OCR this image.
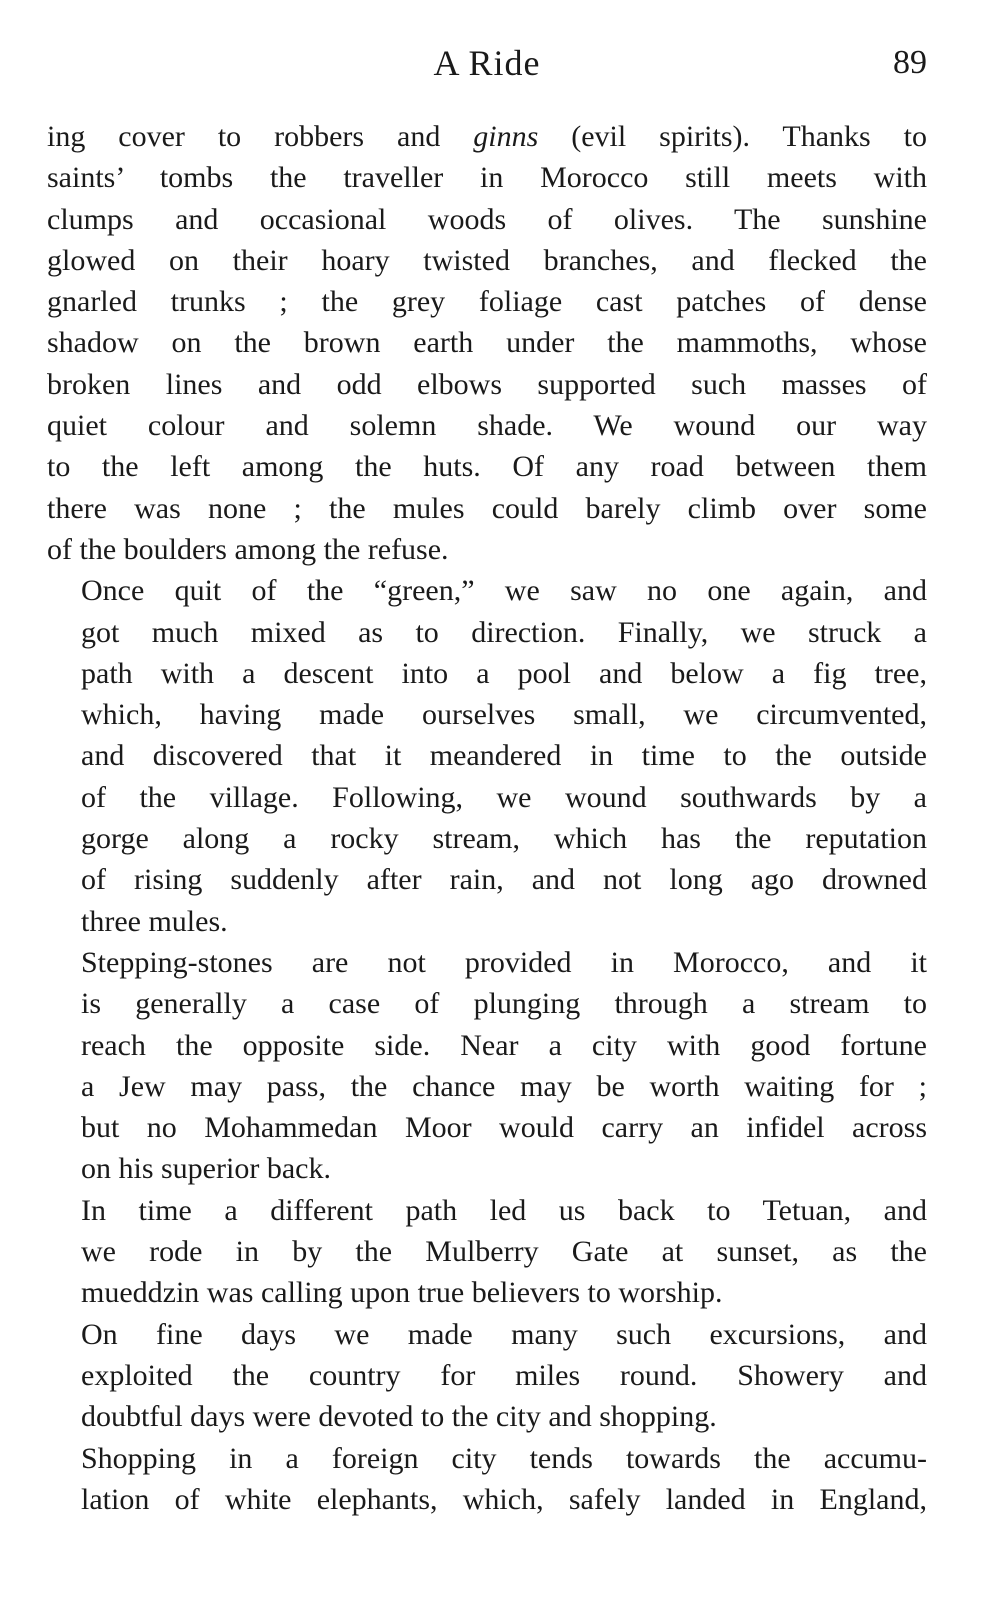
A Ride	89
ing cover to robbers and ginns (evil spirits). Thanks to
saints’ tombs the traveller in Morocco still meets with
clumps and occasional woods of olives. The sunshine
glowed on their hoary twisted branches, and flecked the
gnarled trunks ; the grey foliage cast patches of dense
shadow on the brown earth under the mammoths, whose
broken lines and odd elbows supported such masses of
quiet colour and solemn shade. We wound our way
to the left among the huts. Of any road between them
there was none ; the mules could barely climb over some
of the boulders among the refuse.
Once quit of the “green,” we saw no one again, and
got much mixed as to direction. Finally, we struck a
path with a descent into a pool and below a fig tree,
which, having made ourselves small, we circumvented,
and discovered that it meandered in time to the outside
of the village. Following, we wound southwards by a
gorge along a rocky stream, which has the reputation
of rising suddenly after rain, and not long ago drowned
three mules.
Stepping-stones are not provided in Morocco, and it
is generally a case of plunging through a stream to
reach the opposite side. Near a city with good fortune
a Jew may pass, the chance may be worth waiting for ;
but no Mohammedan Moor would carry an infidel across
on his superior back.
In time a different path led us back to Tetuan, and
we rode in by the Mulberry Gate at sunset, as the
mueddzin was calling upon true believers to worship.
On fine days we made many such excursions, and
exploited the country for miles round. Showery and
doubtful days were devoted to the city and shopping.
Shopping in a foreign city tends towards the accumu-
lation of white elephants, which, safely landed in England,
